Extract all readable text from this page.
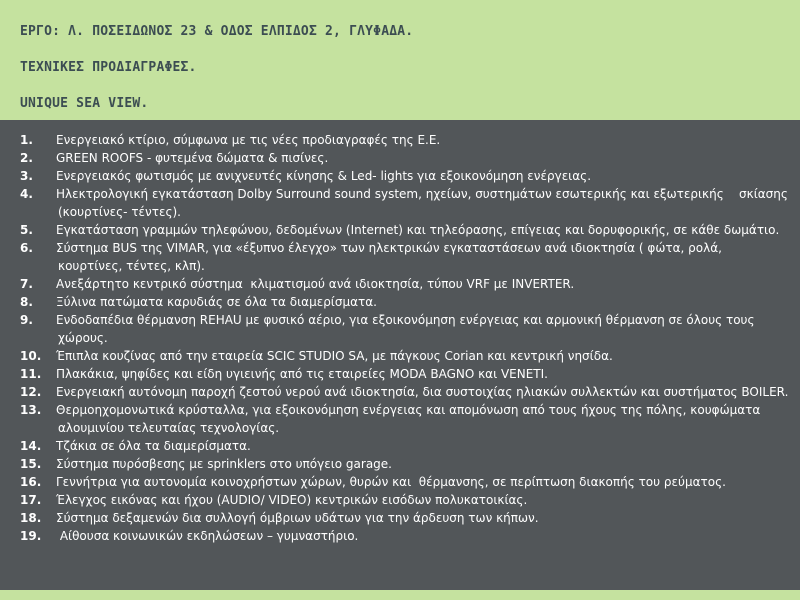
ΕΡΓΟ: Λ. ΠΟΣΕΙΔΩΝΟΣ 23 & ΟΔΟΣ ΕΛΠΙΔΟΣ 2, ΓΛΥΦΑΔΑ.
ΤΕΧΝΙΚΕΣ ΠΡΟΔΙΑΓΡΑΦΕΣ.
UNIQUE SEA VIEW.
1. Ενεργειακό κτίριο, σύμφωνα με τις νέες προδιαγραφές της Ε.Ε.
2. GREEN ROOFS - φυτεμένα δώματα & πισίνες.
3. Ενεργειακός φωτισμός με ανιχνευτές κίνησης & Led- lights για εξοικονόμηση ενέργειας.
4. Ηλεκτρολογική εγκατάσταση Dolby Surround sound system, ηχείων, συστημάτων εσωτερικής και εξωτερικής    σκίασης
(κουρτίνες- τέντες).
5. Εγκατάσταση γραμμών τηλεφώνου, δεδομένων (Internet) και τηλεόρασης, επίγειας και δορυφορικής, σε κάθε δωμάτιο.
6. Σύστημα BUS της VIMAR, για «έξυπνο έλεγχο» των ηλεκτρικών εγκαταστάσεων ανά ιδιοκτησία ( φώτα, ρολά,
κουρτίνες, τέντες, κλπ).
7. Ανεξάρτητο κεντρικό σύστημα  κλιματισμού ανά ιδιοκτησία, τύπου VRF με INVERTER.
8. Ξύλινα πατώματα καρυδιάς σε όλα τα διαμερίσματα.
9. Ενδοδαπέδια θέρμανση REHAU με φυσικό αέριο, για εξοικονόμηση ενέργειας και αρμονική θέρμανση σε όλους τους
χώρους.
10. Έπιπλα κουζίνας από την εταιρεία SCIC STUDIO SA, με πάγκους Corian και κεντρική νησίδα.
11. Πλακάκια, ψηφίδες και είδη υγιεινής από τις εταιρείες MODA BAGNO και VENETI.
12. Ενεργειακή αυτόνομη παροχή ζεστού νερού ανά ιδιοκτησία, δια συστοιχίας ηλιακών συλλεκτών και συστήματος BOILER.
13. Θερμοηχομονωτικά κρύσταλλα, για εξοικονόμηση ενέργειας και απομόνωση από τους ήχους της πόλης, κουφώματα
αλουμινίου τελευταίας τεχνολογίας.
14. Τζάκια σε όλα τα διαμερίσματα.
15. Σύστημα πυρόσβεσης με sprinklers στο υπόγειο garage.
16. Γεννήτρια για αυτονομία κοινοχρήστων χώρων, θυρών και  θέρμανσης, σε περίπτωση διακοπής του ρεύματος.
17. Έλεγχος εικόνας και ήχου (AUDIO/ VIDEO) κεντρικών εισόδων πολυκατοικίας.
18. Σύστημα δεξαμενών δια συλλογή όμβριων υδάτων για την άρδευση των κήπων.
19. Αίθουσα κοινωνικών εκδηλώσεων – γυμναστήριο.
